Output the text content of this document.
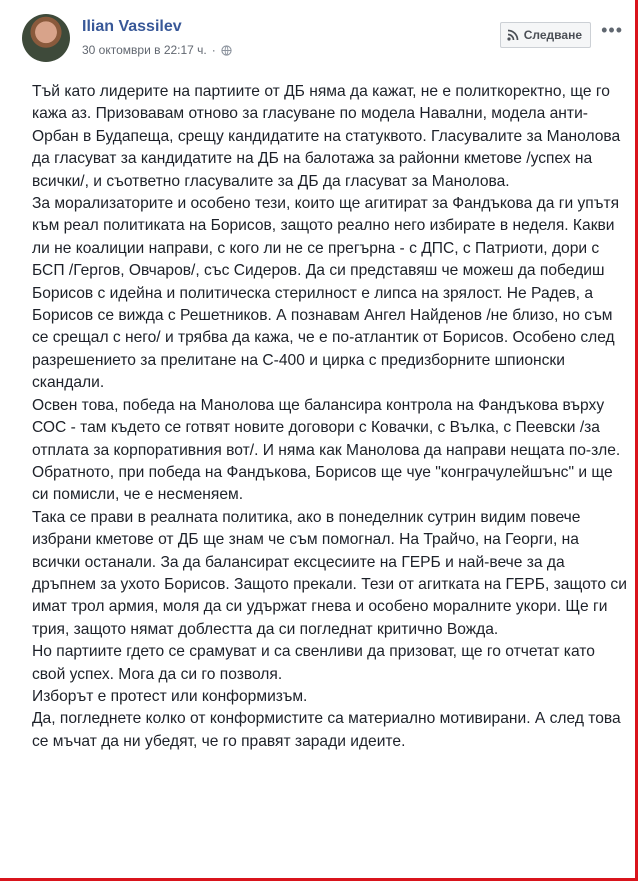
Ilian Vassilev
30 октомври в 22:17 ч. ·
Следване •••

Тъй като лидерите на партиите от ДБ няма да кажат, не е политкоректно, ще го кажа аз. Призовавам отново за гласуване по модела Навални, модела анти-Орбан в Будапеща, срещу кандидатите на статуквото. Гласувалите за Манолова да гласуват за кандидатите на ДБ на балотажа за районни кметове /успех на всички/, и съответно гласувалите за ДБ да гласуват за Манолова.

За морализаторите и особено тези, които ще агитират за Фандъкова да ги упътя към реал политиката на Борисов, защото реално него избирате в неделя. Какви ли не коалиции направи, с кого ли не се прегърна - с ДПС, с Патриоти, дори с БСП /Гергов, Овчаров/, със Сидеров. Да си представяш че можеш да победиш Борисов с идейна и политическа стерилност е липса на зрялост. Не Радев, а Борисов се вижда с Решетников. А познавам Ангел Найденов /не близо, но съм се срещал с него/ и трябва да кажа, че е по-атлантик от Борисов. Особено след разрешението за прелитане на С-400 и цирка с предизборните шпионски скандали.

Освен това, победа на Манолова ще балансира контрола на Фандъкова върху СОС - там където се готвят новите договори с Ковачки, с Вълка, с Пеевски /за отплата за корпоративния вот/. И няма как Манолова да направи нещата по-зле. Обратното, при победа на Фандъкова, Борисов ще чуе "конграчулейшънс" и ще си помисли, че е несменяем.

Така се прави в реалната политика, ако в понеделник сутрин видим повече избрани кметове от ДБ ще знам че съм помогнал. На Трайчо, на Георги, на всички останали. За да балансират ексцесиите на ГЕРБ и най-вече за да дръпнем за ухото Борисов. Защото прекали. Тези от агитката на ГЕРБ, защото си имат трол армия, моля да си удържат гнева и особено моралните укори. Ще ги трия, защото нямат доблестта да си погледнат критично Вожда.

Но партиите гдето се срамуват и са свенливи да призоват, ще го отчетат като свой успех. Мога да си го позволя.

Изборът е протест или конформизъм.

Да, погледнете колко от конформистите са материално мотивирани. А след това се мъчат да ни убедят, че го правят заради идеите.
